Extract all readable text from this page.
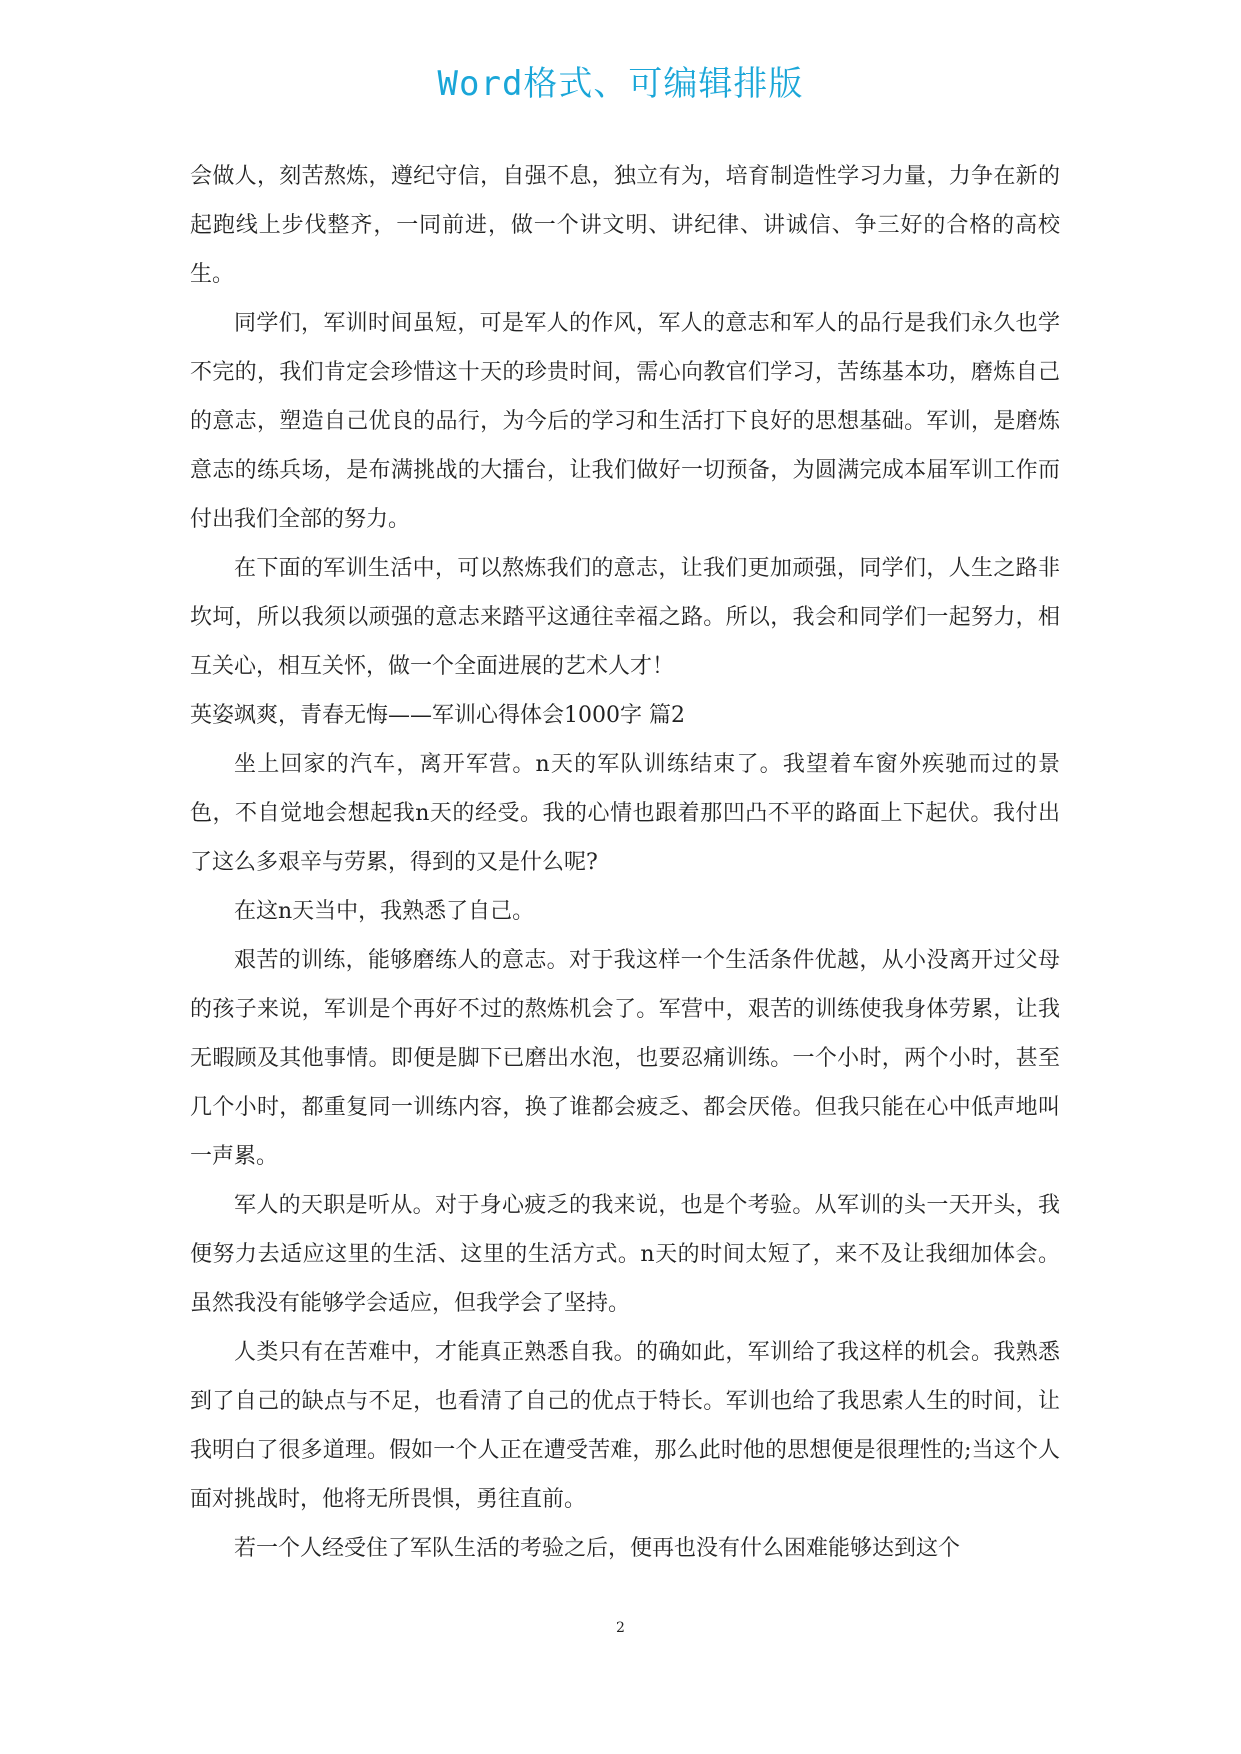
Word格式、可编辑排版

会做人，刻苦熬炼，遵纪守信，自强不息，独立有为，培育制造性学习力量，力争在新的起跑线上步伐整齐，一同前进，做一个讲文明、讲纪律、讲诚信、争三好的合格的高校生。

同学们，军训时间虽短，可是军人的作风，军人的意志和军人的品行是我们永久也学不完的，我们肯定会珍惜这十天的珍贵时间，需心向教官们学习，苦练基本功，磨炼自己的意志，塑造自己优良的品行，为今后的学习和生活打下良好的思想基础。军训，是磨炼意志的练兵场，是布满挑战的大擂台，让我们做好一切预备，为圆满完成本届军训工作而付出我们全部的努力。

在下面的军训生活中，可以熬炼我们的意志，让我们更加顽强，同学们，人生之路非坎坷，所以我须以顽强的意志来踏平这通往幸福之路。所以，我会和同学们一起努力，相互关心，相互关怀，做一个全面进展的艺术人才！

英姿飒爽，青春无悔——军训心得体会1000字 篇2

坐上回家的汽车，离开军营。n天的军队训练结束了。我望着车窗外疾驰而过的景色，不自觉地会想起我n天的经受。我的心情也跟着那凹凸不平的路面上下起伏。我付出了这么多艰辛与劳累，得到的又是什么呢?

在这n天当中，我熟悉了自己。

艰苦的训练，能够磨练人的意志。对于我这样一个生活条件优越，从小没离开过父母的孩子来说，军训是个再好不过的熬炼机会了。军营中，艰苦的训练使我身体劳累，让我无暇顾及其他事情。即便是脚下已磨出水泡，也要忍痛训练。一个小时，两个小时，甚至几个小时，都重复同一训练内容，换了谁都会疲乏、都会厌倦。但我只能在心中低声地叫一声累。

军人的天职是听从。对于身心疲乏的我来说，也是个考验。从军训的头一天开头，我便努力去适应这里的生活、这里的生活方式。n天的时间太短了，来不及让我细加体会。虽然我没有能够学会适应，但我学会了坚持。

人类只有在苦难中，才能真正熟悉自我。的确如此，军训给了我这样的机会。我熟悉到了自己的缺点与不足，也看清了自己的优点于特长。军训也给了我思索人生的时间，让我明白了很多道理。假如一个人正在遭受苦难，那么此时他的思想便是很理性的;当这个人面对挑战时，他将无所畏惧，勇往直前。

若一个人经受住了军队生活的考验之后，便再也没有什么困难能够达到这个

2
